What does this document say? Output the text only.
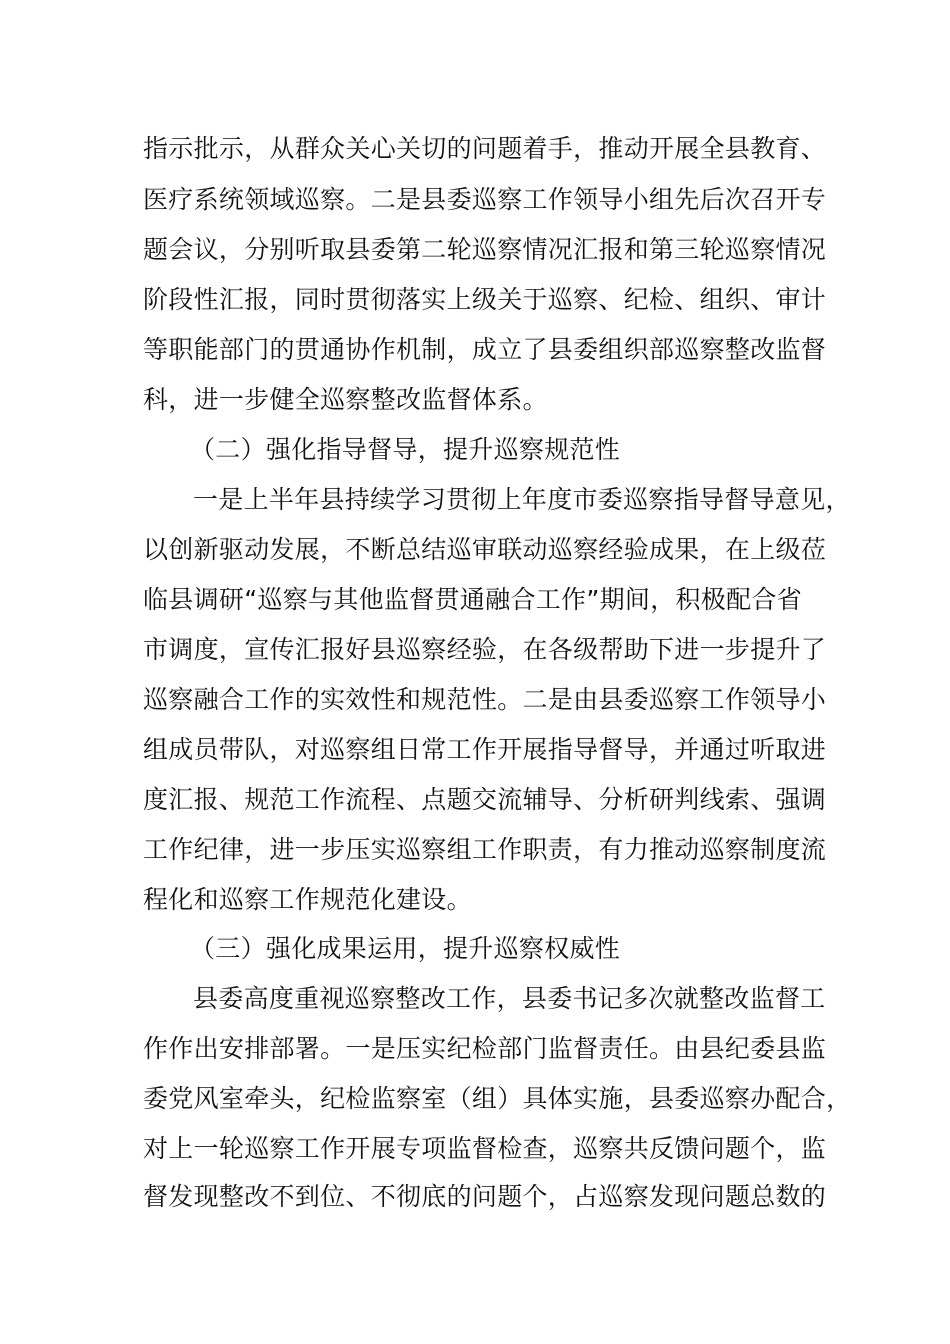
指示批示，从群众关心关切的问题着手，推动开展全县教育、
医疗系统领域巡察。二是县委巡察工作领导小组先后次召开专
题会议，分别听取县委第二轮巡察情况汇报和第三轮巡察情况
阶段性汇报，同时贯彻落实上级关于巡察、纪检、组织、审计
等职能部门的贯通协作机制，成立了县委组织部巡察整改监督
科，进一步健全巡察整改监督体系。
（二）强化指导督导，提升巡察规范性
一是上半年县持续学习贯彻上年度市委巡察指导督导意见，
以创新驱动发展，不断总结巡审联动巡察经验成果，在上级莅
临县调研“巡察与其他监督贯通融合工作”期间，积极配合省
市调度，宣传汇报好县巡察经验，在各级帮助下进一步提升了
巡察融合工作的实效性和规范性。二是由县委巡察工作领导小
组成员带队，对巡察组日常工作开展指导督导，并通过听取进
度汇报、规范工作流程、点题交流辅导、分析研判线索、强调
工作纪律，进一步压实巡察组工作职责，有力推动巡察制度流
程化和巡察工作规范化建设。
（三）强化成果运用，提升巡察权威性
县委高度重视巡察整改工作，县委书记多次就整改监督工
作作出安排部署。一是压实纪检部门监督责任。由县纪委县监
委党风室牵头，纪检监察室（组）具体实施，县委巡察办配合，
对上一轮巡察工作开展专项监督检查，巡察共反馈问题个，监
督发现整改不到位、不彻底的问题个，占巡察发现问题总数的
